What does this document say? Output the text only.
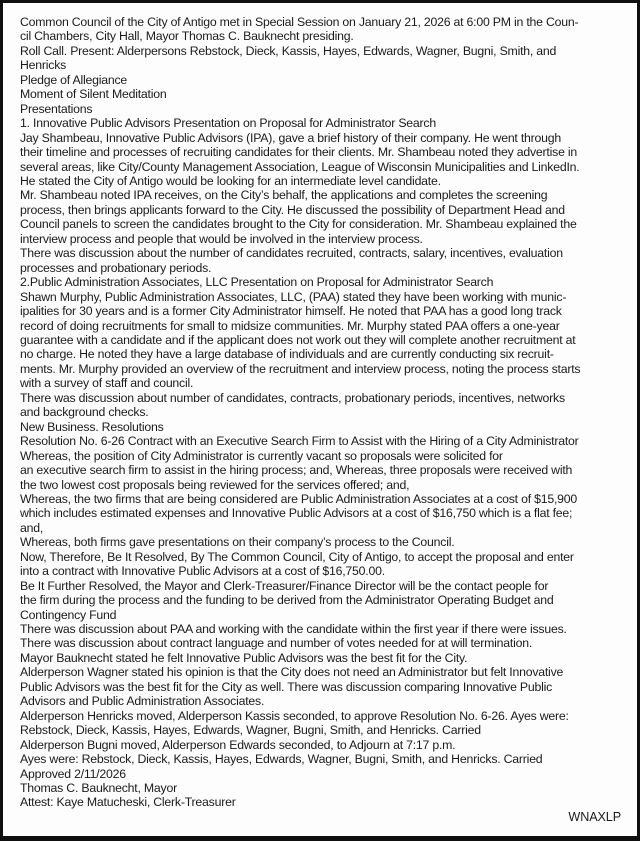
Common Council of the City of Antigo met in Special Session on January 21, 2026 at 6:00 PM in the Coun-
cil Chambers, City Hall, Mayor Thomas C. Bauknecht presiding.
Roll Call. Present: Alderpersons Rebstock, Dieck, Kassis, Hayes, Edwards, Wagner, Bugni, Smith, and
Henricks
Pledge of Allegiance
Moment of Silent Meditation
Presentations
1. Innovative Public Advisors Presentation on Proposal for Administrator Search
Jay Shambeau, Innovative Public Advisors (IPA), gave a brief history of their company. He went through
their timeline and processes of recruiting candidates for their clients. Mr. Shambeau noted they advertise in
several areas, like City/County Management Association, League of Wisconsin Municipalities and LinkedIn.
He stated the City of Antigo would be looking for an intermediate level candidate.
Mr. Shambeau noted IPA receives, on the City’s behalf, the applications and completes the screening
process, then brings applicants forward to the City. He discussed the possibility of Department Head and
Council panels to screen the candidates brought to the City for consideration. Mr. Shambeau explained the
interview process and people that would be involved in the interview process.
There was discussion about the number of candidates recruited, contracts, salary, incentives, evaluation
processes and probationary periods.
2.Public Administration Associates, LLC Presentation on Proposal for Administrator Search
Shawn Murphy, Public Administration Associates, LLC, (PAA) stated they have been working with munic-
ipalities for 30 years and is a former City Administrator himself. He noted that PAA has a good long track
record of doing recruitments for small to midsize communities. Mr. Murphy stated PAA offers a one-year
guarantee with a candidate and if the applicant does not work out they will complete another recruitment at
no charge. He noted they have a large database of individuals and are currently conducting six recruit-
ments. Mr. Murphy provided an overview of the recruitment and interview process, noting the process starts
with a survey of staff and council.
There was discussion about number of candidates, contracts, probationary periods, incentives, networks
and background checks.
New Business. Resolutions
Resolution No. 6-26 Contract with an Executive Search Firm to Assist with the Hiring of a City Administrator
Whereas, the position of City Administrator is currently vacant so proposals were solicited for
an executive search firm to assist in the hiring process; and, Whereas, three proposals were received with
the two lowest cost proposals being reviewed for the services offered; and,
Whereas, the two firms that are being considered are Public Administration Associates at a cost of $15,900
which includes estimated expenses and Innovative Public Advisors at a cost of $16,750 which is a flat fee;
and,
Whereas, both firms gave presentations on their company’s process to the Council.
Now, Therefore, Be It Resolved, By The Common Council, City of Antigo, to accept the proposal and enter
into a contract with Innovative Public Advisors at a cost of $16,750.00.
Be It Further Resolved, the Mayor and Clerk-Treasurer/Finance Director will be the contact people for
the firm during the process and the funding to be derived from the Administrator Operating Budget and
Contingency Fund
There was discussion about PAA and working with the candidate within the first year if there were issues.
There was discussion about contract language and number of votes needed for at will termination.
Mayor Bauknecht stated he felt Innovative Public Advisors was the best fit for the City.
Alderperson Wagner stated his opinion is that the City does not need an Administrator but felt Innovative
Public Advisors was the best fit for the City as well. There was discussion comparing Innovative Public
Advisors and Public Administration Associates.
Alderperson Henricks moved, Alderperson Kassis seconded, to approve Resolution No. 6-26. Ayes were:
Rebstock, Dieck, Kassis, Hayes, Edwards, Wagner, Bugni, Smith, and Henricks. Carried
Alderperson Bugni moved, Alderperson Edwards seconded, to Adjourn at 7:17 p.m.
Ayes were: Rebstock, Dieck, Kassis, Hayes, Edwards, Wagner, Bugni, Smith, and Henricks. Carried
Approved 2/11/2026
Thomas C. Bauknecht, Mayor
Attest: Kaye Matucheski, Clerk-Treasurer
WNAXLP
